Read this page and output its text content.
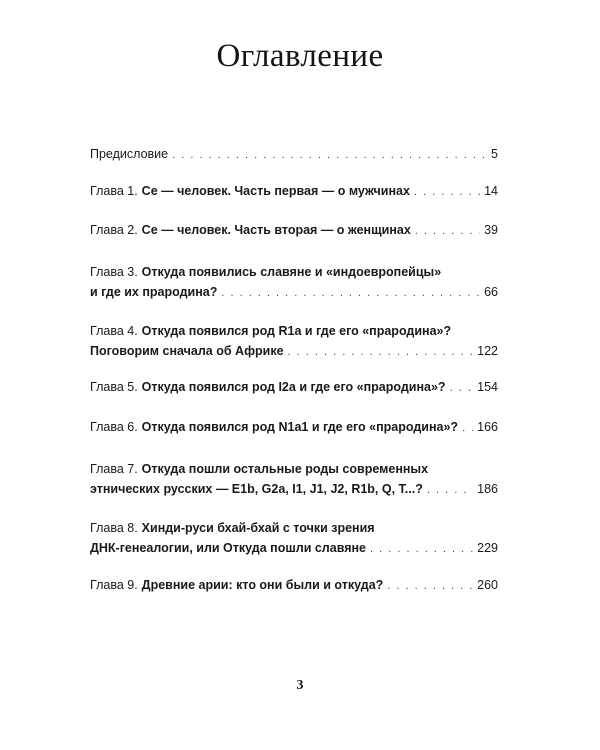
Оглавление
Предисловие . . .	5
Глава 1. Се — человек. Часть первая — о мужчинах . . .	14
Глава 2. Се — человек. Часть вторая — о женщинах . . .	39
Глава 3. Откуда появились славяне и «индоевропейцы»
и где их прародина? . . .	66
Глава 4. Откуда появился род R1a и где его «прародина»?
Поговорим сначала об Африке . . .	122
Глава 5. Откуда появился род I2a и где его «прародина»? . . .	154
Глава 6. Откуда появился род N1a1 и где его «прародина»? . . . 166
Глава 7. Откуда пошли остальные роды современных
этнических русских — E1b, G2a, I1, J1, J2, R1b, Q, T...? . . .	186
Глава 8. Хинди-руси бхай-бхай с точки зрения
ДНК-генеалогии, или Откуда пошли славяне . . .	229
Глава 9. Древние арии: кто они были и откуда? . . .	260
3
